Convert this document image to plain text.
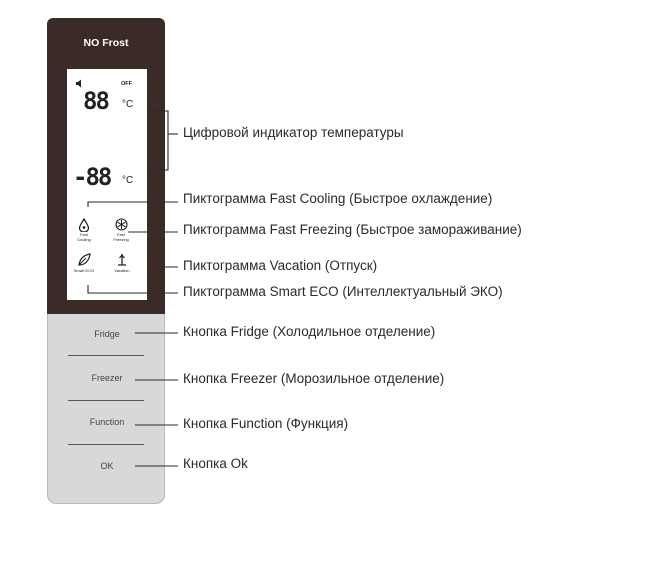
NO Frost
OFF
88 °C
-88 °C
Fast
Cooling
Fast
Freezing
Smart ECO	Vacation
Fridge
Freezer
Function
OK
Цифровой индикатор температуры
Пиктограмма Fast Cooling (Быстрое охлаждение)
Пиктограмма Fast Freezing (Быстрое замораживание)
Пиктограмма Vacation (Отпуск)
Пиктограмма Smart ECO (Интеллектуальный ЭКО)
Кнопка Fridge (Холодильное отделение)
Кнопка Freezer (Морозильное отделение)
Кнопка Function (Функция)
Кнопка Ok
